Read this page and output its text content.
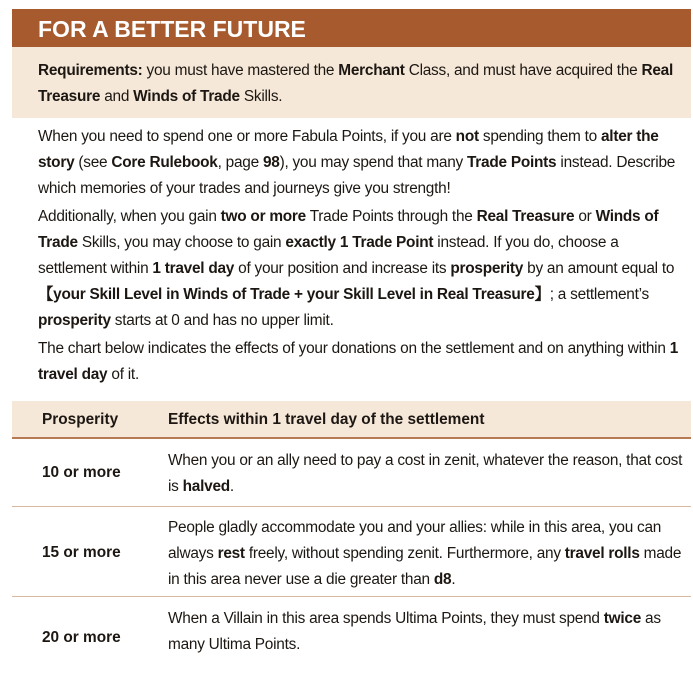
FOR A BETTER FUTURE
Requirements: you must have mastered the Merchant Class, and must have acquired the Real Treasure and Winds of Trade Skills.

When you need to spend one or more Fabula Points, if you are not spending them to alter the story (see Core Rulebook, page 98), you may spend that many Trade Points instead. Describe which memories of your trades and journeys give you strength!

Additionally, when you gain two or more Trade Points through the Real Treasure or Winds of Trade Skills, you may choose to gain exactly 1 Trade Point instead. If you do, choose a settlement within 1 travel day of your position and increase its prosperity by an amount equal to 【your Skill Level in Winds of Trade + your Skill Level in Real Treasure】; a settlement’s prosperity starts at 0 and has no upper limit.

The chart below indicates the effects of your donations on the settlement and on anything within 1 travel day of it.

Prosperity	Effects within 1 travel day of the settlement
10 or more
When you or an ally need to pay a cost in zenit, whatever the reason, that cost is halved.
15 or more
People gladly accommodate you and your allies: while in this area, you can always rest freely, without spending zenit. Furthermore, any travel rolls made in this area never use a die greater than d8.
20 or more
When a Villain in this area spends Ultima Points, they must spend twice as many Ultima Points.
